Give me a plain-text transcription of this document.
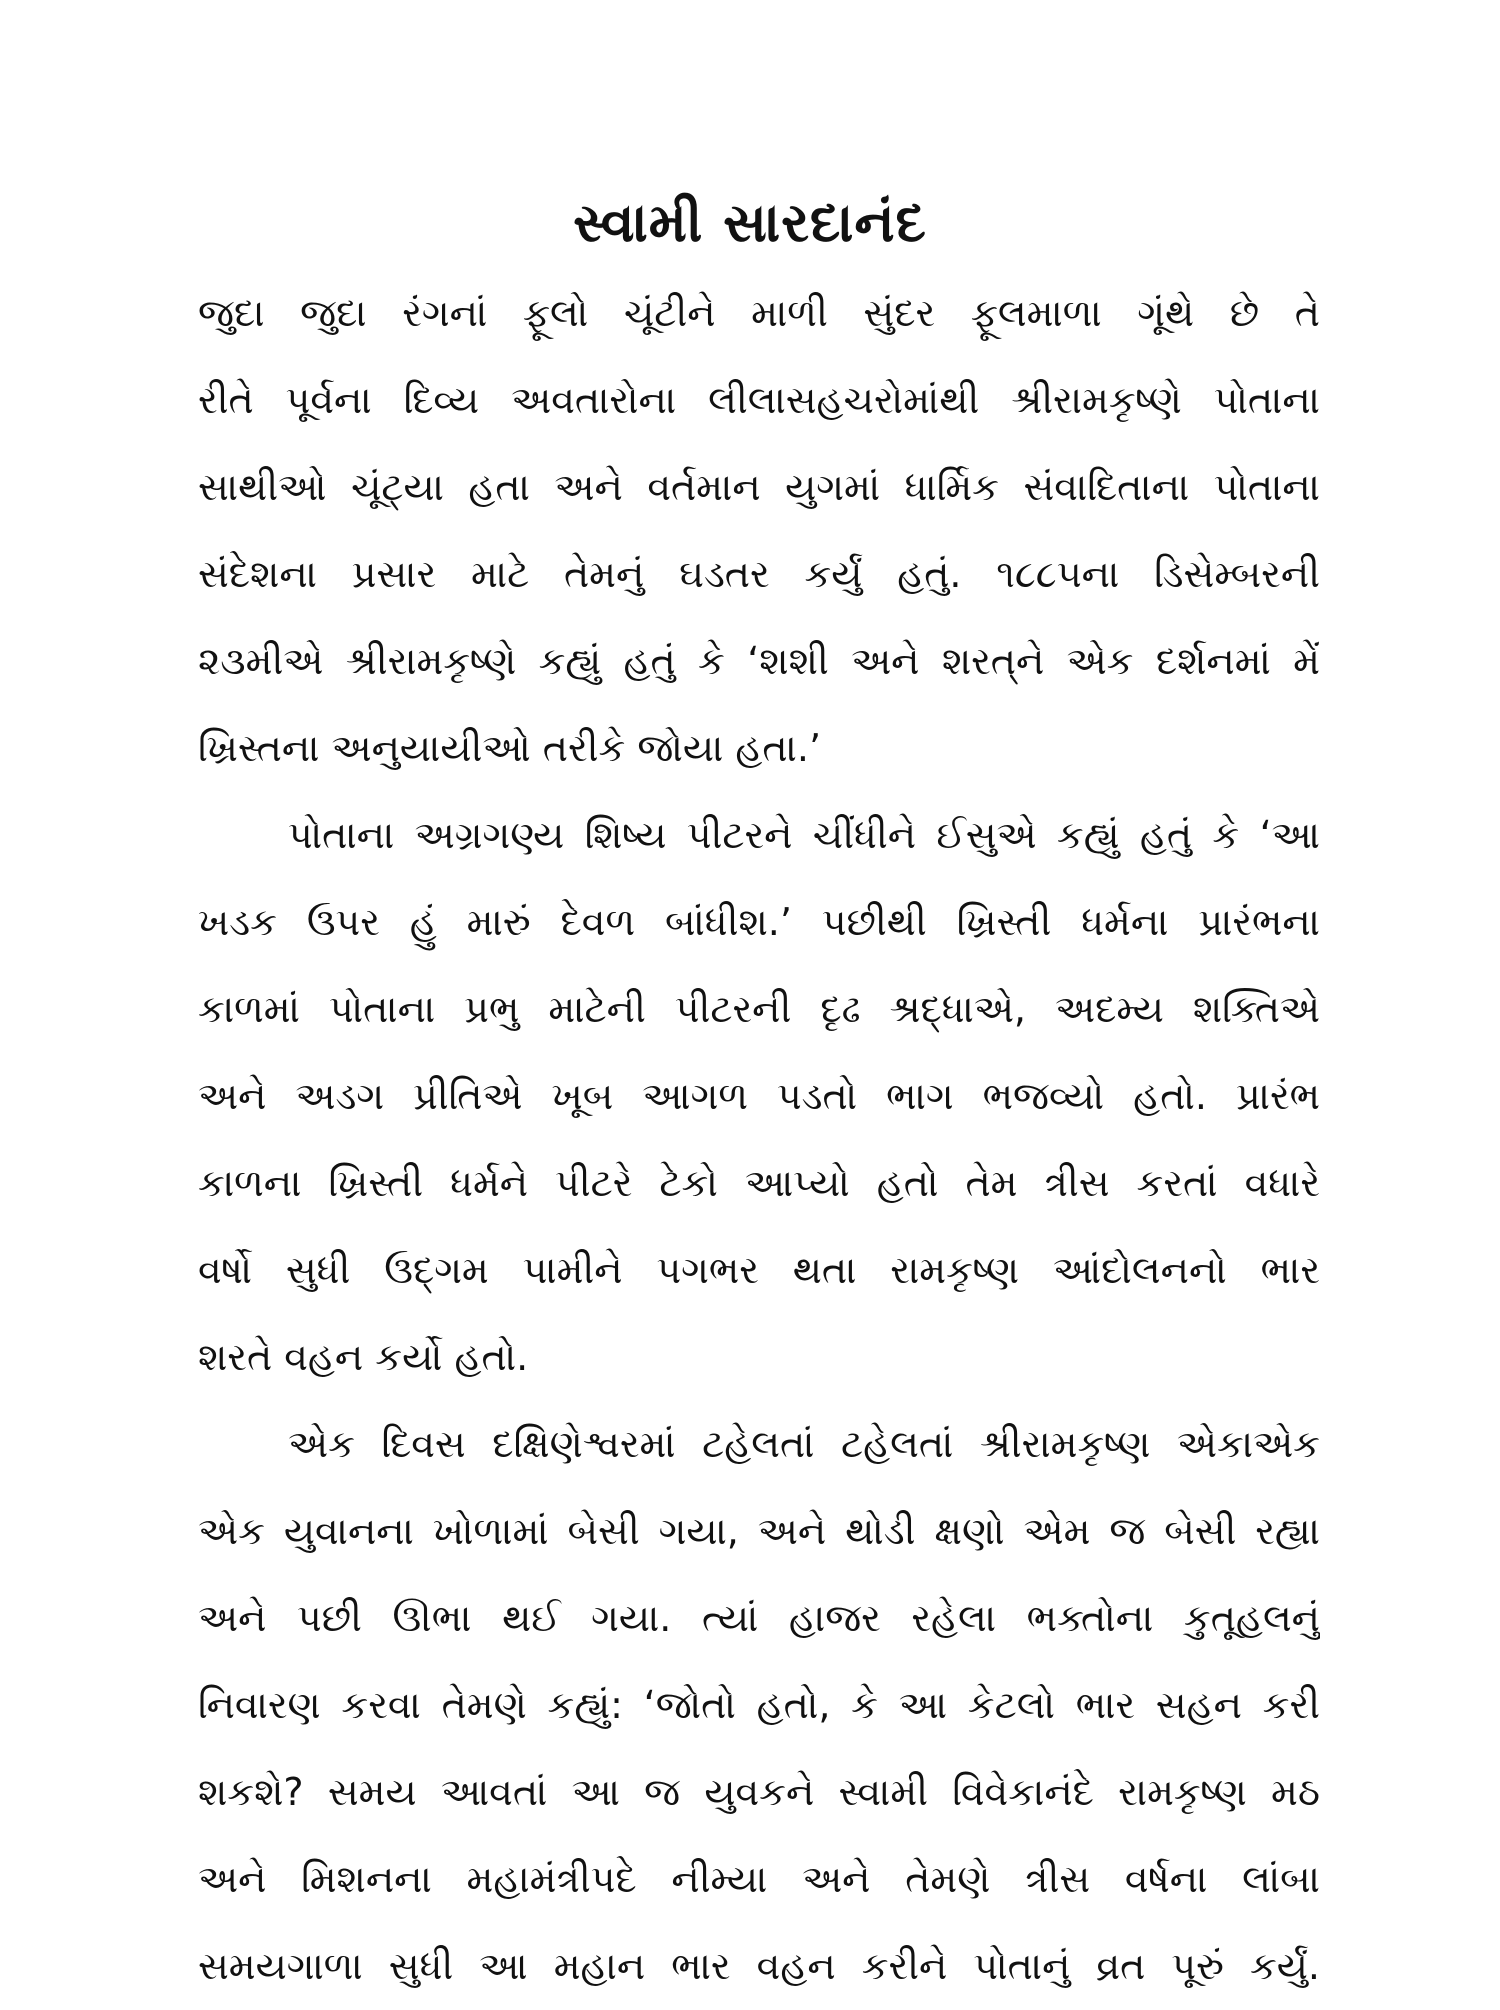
સ્વામી સારદાનંદ
જુદા જુદા રંગનાં ફૂલો ચૂંટીને માળી સુંદર ફૂલમાળા ગૂંથે છે તે
રીતે પૂર્વના દિવ્ય અવતારોના લીલાસહચરોમાંથી શ્રીરામકૃષ્ણે પોતાના
સાથીઓ ચૂંટ્યા હતા અને વર્તમાન યુગમાં ધાર્મિક સંવાદિતાના પોતાના
સંદેશના પ્રસાર માટે તેમનું ઘડતર કર્યું હતું. ૧૮૮૫ના ડિસેમ્બરની
૨૩મીએ શ્રીરામકૃષ્ણે કહ્યું હતું કે ‘શશી અને શરત્‌ને એક દર્શનમાં મેં
ખ્રિસ્તના અનુયાયીઓ તરીકે જોયા હતા.’
પોતાના અગ્રગણ્ય શિષ્ય પીટરને ચીંધીને ઈસુએ કહ્યું હતું કે ‘આ
ખડક ઉપર હું મારું દેવળ બાંધીશ.’ પછીથી ખ્રિસ્તી ધર્મના પ્રારંભના
કાળમાં પોતાના પ્રભુ માટેની પીટરની દૃઢ શ્રદ્ધાએ, અદમ્ય શક્તિએ
અને અડગ પ્રીતિએ ખૂબ આગળ પડતો ભાગ ભજવ્યો હતો. પ્રારંભ
કાળના ખ્રિસ્તી ધર્મને પીટરે ટેકો આપ્યો હતો તેમ ત્રીસ કરતાં વધારે
વર્ષો સુધી ઉદ્‌ગમ પામીને પગભર થતા રામકૃષ્ણ આંદોલનનો ભાર
શરતે વહન કર્યો હતો.
એક દિવસ દક્ષિણેશ્વરમાં ટહેલતાં ટહેલતાં શ્રીરામકૃષ્ણ એકાએક
એક યુવાનના ખોળામાં બેસી ગયા, અને થોડી ક્ષણો એમ જ બેસી રહ્યા
અને પછી ઊભા થઈ ગયા. ત્યાં હાજર રહેલા ભક્તોના કુતૂહલનું
નિવારણ કરવા તેમણે કહ્યું: ‘જોતો હતો, કે આ કેટલો ભાર સહન કરી
શકશે? સમય આવતાં આ જ યુવકને સ્વામી વિવેકાનંદે રામકૃષ્ણ મઠ
અને મિશનના મહામંત્રીપદે નીમ્યા અને તેમણે ત્રીસ વર્ષના લાંબા
સમયગાળા સુધી આ મહાન ભાર વહન કરીને પોતાનું વ્રત પૂરું કર્યું.
